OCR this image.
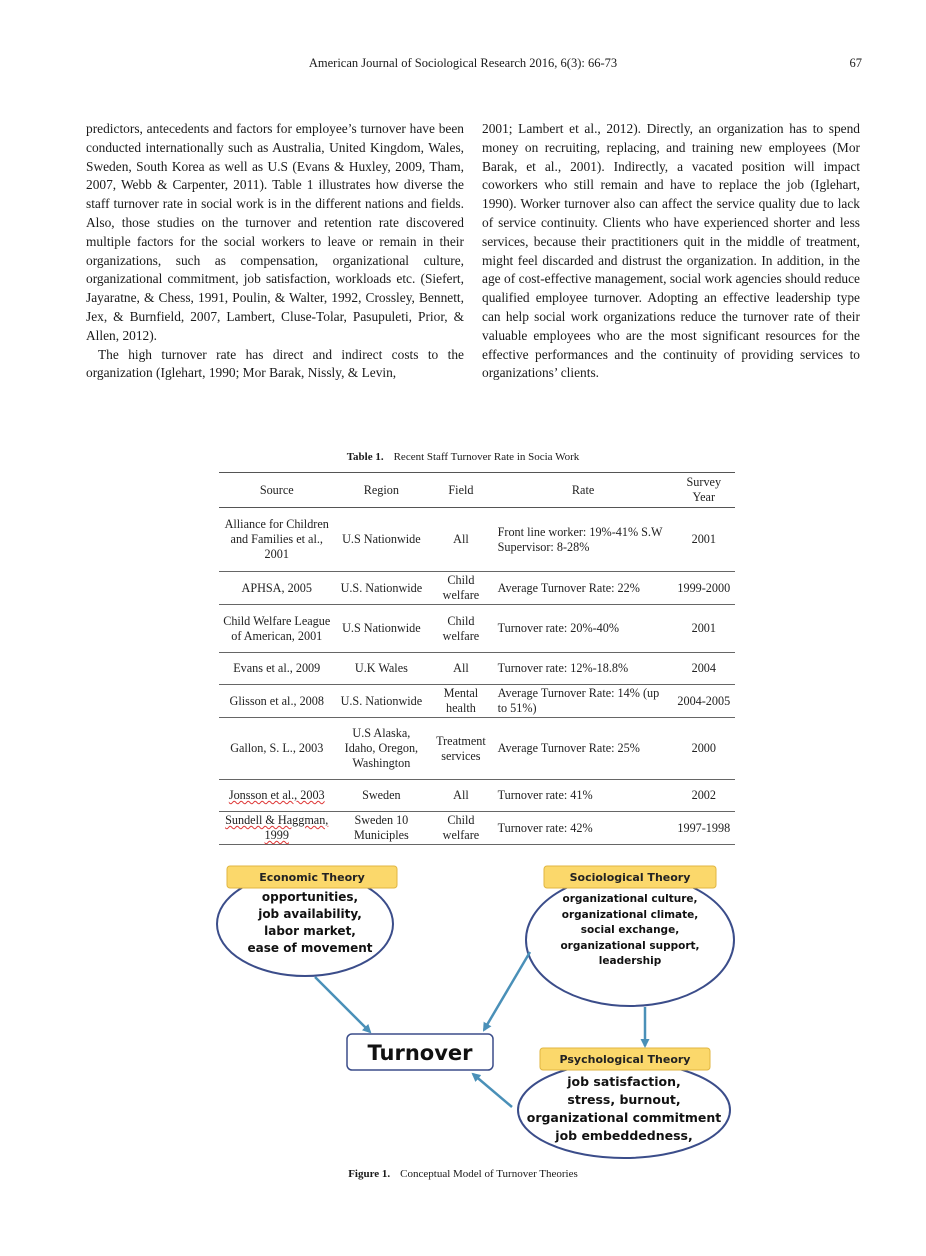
American Journal of Sociological Research 2016, 6(3): 66-73	67

predictors, antecedents and factors for employee’s turnover have been conducted internationally such as Australia, United Kingdom, Wales, Sweden, South Korea as well as U.S (Evans & Huxley, 2009, Tham, 2007, Webb & Carpenter, 2011). Table 1 illustrates how diverse the staff turnover rate in social work is in the different nations and fields. Also, those studies on the turnover and retention rate discovered multiple factors for the social workers to leave or remain in their organizations, such as compensation, organizational culture, organizational commitment, job satisfaction, workloads etc. (Siefert, Jayaratne, & Chess, 1991, Poulin, & Walter, 1992, Crossley, Bennett, Jex, & Burnfield, 2007, Lambert, Cluse-Tolar, Pasupuleti, Prior, & Allen, 2012).

The high turnover rate has direct and indirect costs to the organization (Iglehart, 1990; Mor Barak, Nissly, & Levin,

2001; Lambert et al., 2012). Directly, an organization has to spend money on recruiting, replacing, and training new employees (Mor Barak, et al., 2001). Indirectly, a vacated position will impact coworkers who still remain and have to replace the job (Iglehart, 1990). Worker turnover also can affect the service quality due to lack of service continuity. Clients who have experienced shorter and less services, because their practitioners quit in the middle of treatment, might feel discarded and distrust the organization. In addition, in the age of cost-effective management, social work agencies should reduce qualified employee turnover. Adopting an effective leadership type can help social work organizations reduce the turnover rate of their valuable employees who are the most significant resources for the effective performances and the continuity of providing services to organizations’ clients.

Table 1. Recent Staff Turnover Rate in Socia Work
Source	Region	Field	Rate	Survey Year
Alliance for Children and Families et al., 2001	U.S Nationwide	All	Front line worker: 19%-41% S.W Supervisor: 8-28%	2001
APHSA, 2005	U.S. Nationwide	Child welfare	Average Turnover Rate: 22%	1999-2000
Child Welfare League of American, 2001	U.S Nationwide	Child welfare	Turnover rate: 20%-40%	2001
Evans et al., 2009	U.K Wales	All	Turnover rate: 12%-18.8%	2004
Glisson et al., 2008	U.S. Nationwide	Mental health	Average Turnover Rate: 14% (up to 51%)	2004-2005
Gallon, S. L., 2003	U.S Alaska, Idaho, Oregon, Washington	Treatment services	Average Turnover Rate: 25%	2000
Jonsson et al., 2003	Sweden	All	Turnover rate: 41%	2002
Sundell & Haggman, 1999	Sweden 10 Municiples	Child welfare	Turnover rate: 42%	1997-1998
Economic Theory
opportunities,
job availability,
labor market,
ease of movement
Sociological Theory
organizational culture,
organizational climate,
social exchange,
organizational support,
leadership
Turnover	Psychological Theory
job satisfaction,
stress, burnout,
organizational commitment
job embeddedness,
Figure 1. Conceptual Model of Turnover Theories
